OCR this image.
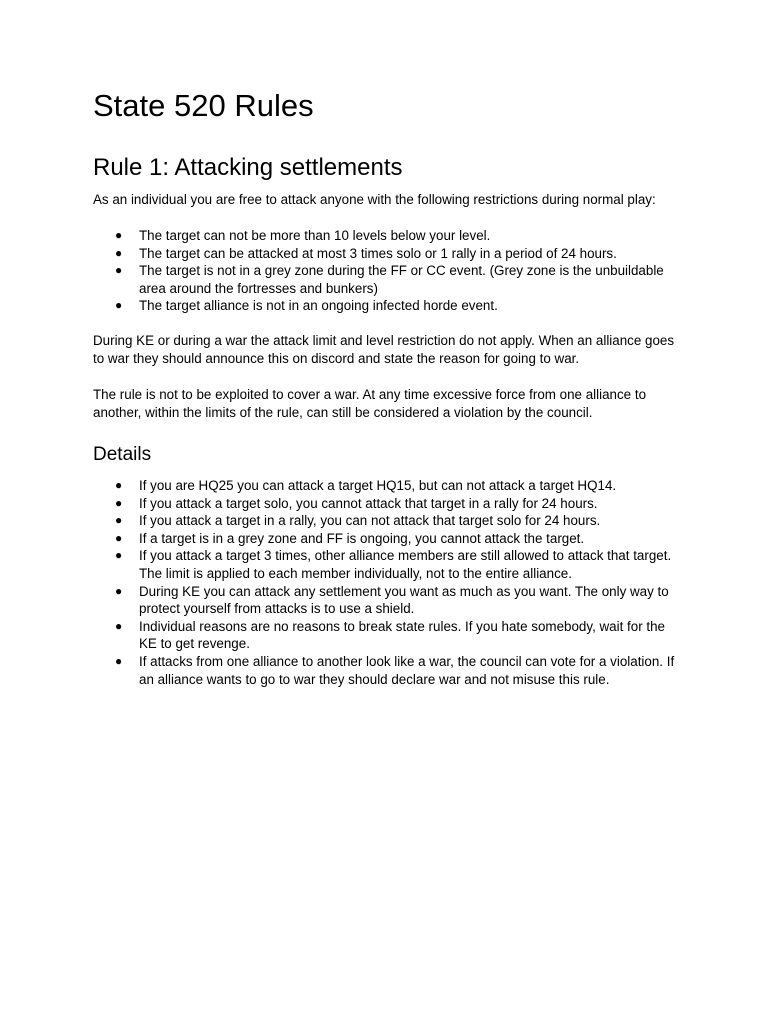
State 520 Rules
Rule 1: Attacking settlements

As an individual you are free to attack anyone with the following restrictions during normal play:

● The target can not be more than 10 levels below your level.
● The target can be attacked at most 3 times solo or 1 rally in a period of 24 hours.
● The target is not in a grey zone during the FF or CC event. (Grey zone is the unbuildable area around the fortresses and bunkers)
● The target alliance is not in an ongoing infected horde event.

During KE or during a war the attack limit and level restriction do not apply. When an alliance goes to war they should announce this on discord and state the reason for going to war.

The rule is not to be exploited to cover a war. At any time excessive force from one alliance to another, within the limits of the rule, can still be considered a violation by the council.

Details
● If you are HQ25 you can attack a target HQ15, but can not attack a target HQ14.
● If you attack a target solo, you cannot attack that target in a rally for 24 hours.
● If you attack a target in a rally, you can not attack that target solo for 24 hours.
● If a target is in a grey zone and FF is ongoing, you cannot attack the target.
● If you attack a target 3 times, other alliance members are still allowed to attack that target. The limit is applied to each member individually, not to the entire alliance.
● During KE you can attack any settlement you want as much as you want. The only way to protect yourself from attacks is to use a shield.
● Individual reasons are no reasons to break state rules. If you hate somebody, wait for the KE to get revenge.
● If attacks from one alliance to another look like a war, the council can vote for a violation. If an alliance wants to go to war they should declare war and not misuse this rule.
